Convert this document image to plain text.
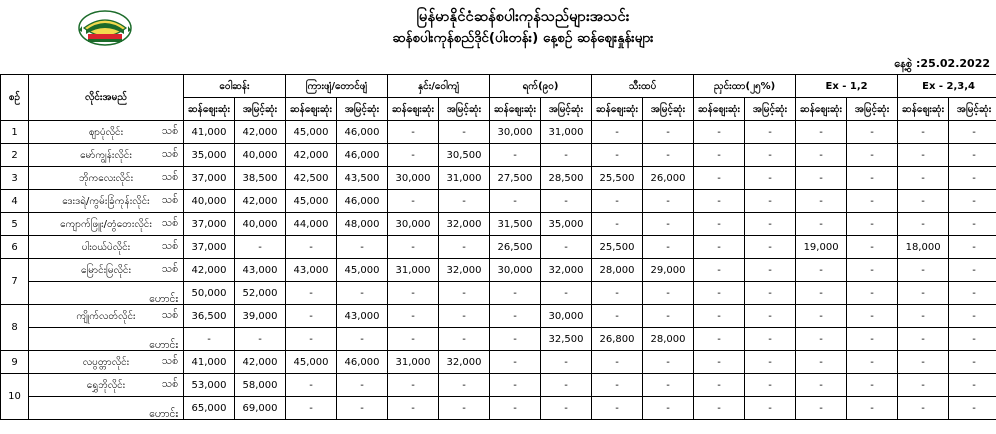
မြန်မာနိုင်ငံဆန်စပါးကုန်သည်များအသင်း
ဆန်စပါးကုန်စည်ဒိုင်(ပါးတန်း) နေ့စဉ် ဆန်ဈေးနှုန်းများ
နေ့စွဲ :25.02.2022
စဉ်	လိုင်းအမည်	ဝေါဆန်း		ကြားဖျံ/တောင်ဖျံ		နှင်း/ဝေါကျံ		ရက်(၉၀)		သီးထပ်		ညှင်းထာ(၂၅%)		Ex - 1,2		Ex - 2,3,4	
		ဆန်ဈေးဆုံး	အမြင့်ဆုံး	ဆန်ဈေးဆုံး	အမြင့်ဆုံး	ဆန်ဈေးဆုံး	အမြင့်ဆုံး	ဆန်ဈေးဆုံး	အမြင့်ဆုံး	ဆန်ဈေးဆုံး	အမြင့်ဆုံး	ဆန်ဈေးဆုံး	အမြင့်ဆုံး	ဆန်ဈေးဆုံး	အမြင့်ဆုံး	ဆန်ဈေးဆုံး	အမြင့်ဆုံး
1	ဈာပုံလိုင်း သစ်	41,000	42,000	45,000	46,000	-	-	30,000	31,000	-	-	-	-	-	-	-	-
2	မော်ကျွန်းလိုင်း သစ်	35,000	40,000	42,000	46,000	-	30,500	-	-	-	-	-	-	-	-	-	-
3	ဘိုကလေးလိုင်း သစ်	37,000	38,500	42,500	43,500	30,000	31,000	27,500	28,500	25,500	26,000	-	-	-	-	-	-
4	ဒေးဒရဲ/ကွမ်းခြံကုန်းလိုင်း သစ်	40,000	42,000	45,000	46,000	-	-	-	-	-	-	-	-	-	-	-	-
5	ကျောက်ဖြူး/တွံတေးလိုင်း သစ်	37,000	40,000	44,000	48,000	30,000	32,000	31,500	35,000	-	-	-	-	-	-	-	-
6	ပါးဝယ်ပဲလိုင်း သစ်	37,000	-	-	-	-	-	26,500	-	25,500	-	-	-	19,000	-	18,000	-
7	မြောင်းမြလိုင်း သစ်	42,000	43,000	43,000	45,000	31,000	32,000	30,000	32,000	28,000	29,000	-	-	-	-	-	-

	ဟောင်း	50,000	52,000	-	-	-	-	-	-	-	-	-	-	-	-	-	-
8	ကျိုက်လတ်လိုင်း သစ်	36,500	39,000	-	43,000	-	-	-	30,000	-	-	-	-	-	-	-	-

	ဟောင်း	-	-	-	-	-	-	-	32,500	26,800	28,000	-	-	-	-	-	-
9	လပွတ္တာလိုင်း သစ်	41,000	42,000	45,000	46,000	31,000	32,000	-	-	-	-	-	-	-	-	-	-
10	ရွှေဘိုလိုင်း သစ်	53,000	58,000	-	-	-	-	-	-	-	-	-	-	-	-	-	-

	ဟောင်း	65,000	69,000	-	-	-	-	-	-	-	-	-	-	-	-	-	-
